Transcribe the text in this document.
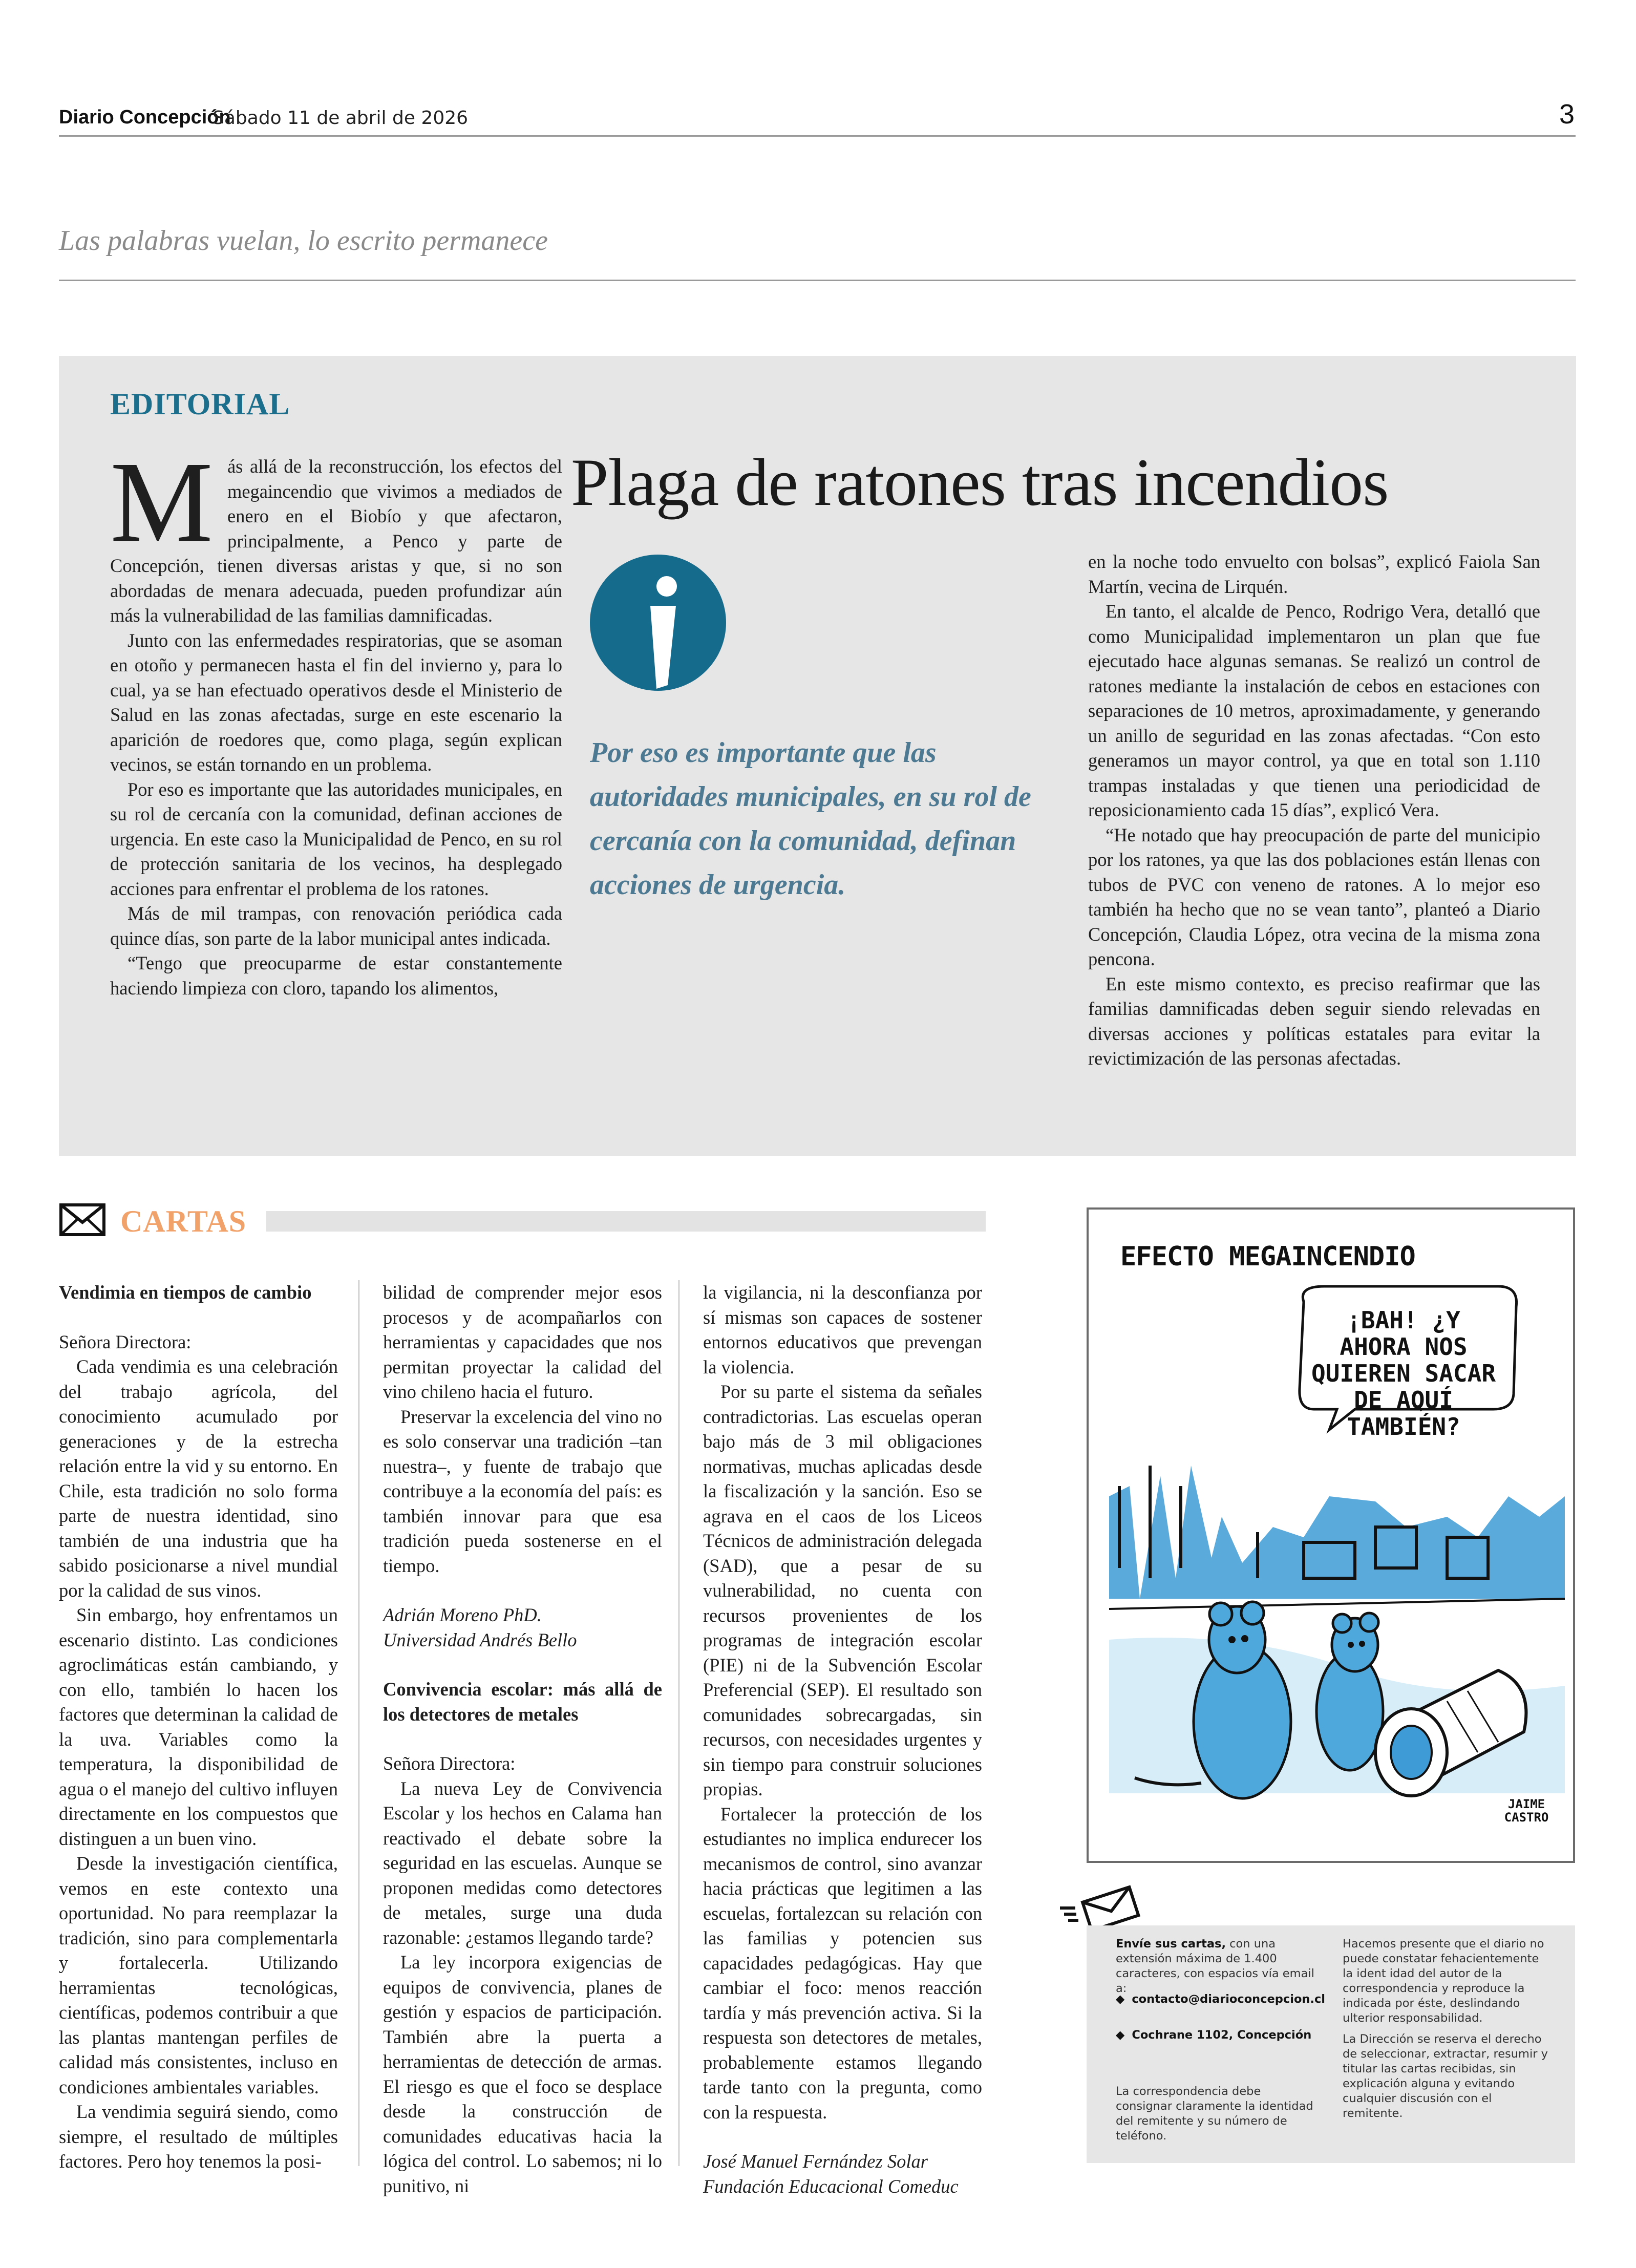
Diario Concepción
Sábado 11 de abril de 2026	3
Las palabras vuelan, lo escrito permanece
EDITORIAL
M ás allá de la reconstrucción, los efectos del megaincendio que vivimos a mediados de enero en el Biobío y que afectaron, principalmente, a Penco y parte de Concepción, tienen diversas aristas y que, si no son abordadas de menara adecuada, pueden profundizar aún más la vulnerabilidad de las familias damnificadas.

Junto con las enfermedades respiratorias, que se asoman en otoño y permanecen hasta el fin del invierno y, para lo cual, ya se han efectuado operativos desde el Ministerio de Salud en las zonas afectadas, surge en este escenario la aparición de roedores que, como plaga, según explican vecinos, se están tornando en un problema.

Por eso es importante que las autoridades municipales, en su rol de cercanía con la comunidad, definan acciones de urgencia. En este caso la Municipalidad de Penco, en su rol de protección sanitaria de los vecinos, ha desplegado acciones para enfrentar el problema de los ratones.

Más de mil trampas, con renovación periódica cada quince días, son parte de la labor municipal antes indicada.

“Tengo que preocuparme de estar constantemente haciendo limpieza con cloro, tapando los alimentos,

Plaga de ratones tras incendios
Por eso es importante que las autoridades municipales, en su rol de cercanía con la comunidad, definan acciones de urgencia.

en la noche todo envuelto con bolsas”, explicó Faiola San Martín, vecina de Lirquén.

En tanto, el alcalde de Penco, Rodrigo Vera, detalló que como Municipalidad implementaron un plan que fue ejecutado hace algunas semanas. Se realizó un control de ratones mediante la instalación de cebos en estaciones con separaciones de 10 metros, aproximadamente, y generando un anillo de seguridad en las zonas afectadas. “Con esto generamos un mayor control, ya que en total son 1.110 trampas instaladas y que tienen una periodicidad de reposicionamiento cada 15 días”, explicó Vera.

“He notado que hay preocupación de parte del municipio por los ratones, ya que las dos poblaciones están llenas con tubos de PVC con veneno de ratones. A lo mejor eso también ha hecho que no se vean tanto”, planteó a Diario Concepción, Claudia López, otra vecina de la misma zona pencona.

En este mismo contexto, es preciso reafirmar que las familias damnificadas deben seguir siendo relevadas en diversas acciones y políticas estatales para evitar la revictimización de las personas afectadas.

CARTAS

Vendimia en tiempos de cambio

Señora Directora:

Cada vendimia es una celebración del trabajo agrícola, del conocimiento acumulado por generaciones y de la estrecha relación entre la vid y su entorno. En Chile, esta tradición no solo forma parte de nuestra identidad, sino también de una industria que ha sabido posicionarse a nivel mundial por la calidad de sus vinos.

Sin embargo, hoy enfrentamos un escenario distinto. Las condiciones agroclimáticas están cambiando, y con ello, también lo hacen los factores que determinan la calidad de la uva. Variables como la temperatura, la disponibilidad de agua o el manejo del cultivo influyen directamente en los compuestos que distinguen a un buen vino.

Desde la investigación científica, vemos en este contexto una oportunidad. No para reemplazar la tradición, sino para complementarla y fortalecerla. Utilizando herramientas tecnológicas, científicas, podemos contribuir a que las plantas mantengan perfiles de calidad más consistentes, incluso en condiciones ambientales variables.

La vendimia seguirá siendo, como siempre, el resultado de múltiples factores. Pero hoy tenemos la posi-

bilidad de comprender mejor esos procesos y de acompañarlos con herramientas y capacidades que nos permitan proyectar la calidad del vino chileno hacia el futuro.

Preservar la excelencia del vino no es solo conservar una tradición –tan nuestra–, y fuente de trabajo que contribuye a la economía del país: es también innovar para que esa tradición pueda sostenerse en el tiempo.

Adrián Moreno PhD.

Universidad Andrés Bello

Convivencia escolar: más allá de los detectores de metales

Señora Directora:

La nueva Ley de Convivencia Escolar y los hechos en Calama han reactivado el debate sobre la seguridad en las escuelas. Aunque se proponen medidas como detectores de metales, surge una duda razonable: ¿estamos llegando tarde?

La ley incorpora exigencias de equipos de convivencia, planes de gestión y espacios de participación. También abre la puerta a herramientas de detección de armas. El riesgo es que el foco se desplace desde la construcción de comunidades educativas hacia la lógica del control. Lo sabemos; ni lo punitivo, ni

la vigilancia, ni la desconfianza por sí mismas son capaces de sostener entornos educativos que prevengan la violencia.

Por su parte el sistema da señales contradictorias. Las escuelas operan bajo más de 3 mil obligaciones normativas, muchas aplicadas desde la fiscalización y la sanción. Eso se agrava en el caos de los Liceos Técnicos de administración delegada (SAD), que a pesar de su vulnerabilidad, no cuenta con recursos provenientes de los programas de integración escolar (PIE) ni de la Subvención Escolar Preferencial (SEP). El resultado son comunidades sobrecargadas, sin recursos, con necesidades urgentes y sin tiempo para construir soluciones propias.

Fortalecer la protección de los estudiantes no implica endurecer los mecanismos de control, sino avanzar hacia prácticas que legitimen a las escuelas, fortalezcan su relación con las familias y potencien sus capacidades pedagógicas. Hay que cambiar el foco: menos reacción tardía y más prevención activa. Si la respuesta son detectores de metales, probablemente estamos llegando tarde tanto con la pregunta, como con la respuesta.

José Manuel Fernández Solar

Fundación Educacional Comeduc

EFECTO MEGAINCENDIO
¡BAH! ¿Y AHORA NOS QUIEREN SACAR DE AQUÍ TAMBIÉN?
JAIME CASTRO
Envíe sus cartas, con una extensión máxima de 1.400 caracteres, con espacios vía email a:
◆ contacto@diarioconcepcion.cl
◆ Cochrane 1102, Concepción
La correspondencia debe consignar claramente la identidad del remitente y su número de teléfono.

Hacemos presente que el diario no puede constatar fehacientemente la ident idad del autor de la correspondencia y reproduce la indicada por éste, deslindando ulterior responsabilidad.

La Dirección se reserva el derecho de seleccionar, extractar, resumir y titular las cartas recibidas, sin explicación alguna y evitando cualquier discusión con el remitente.
